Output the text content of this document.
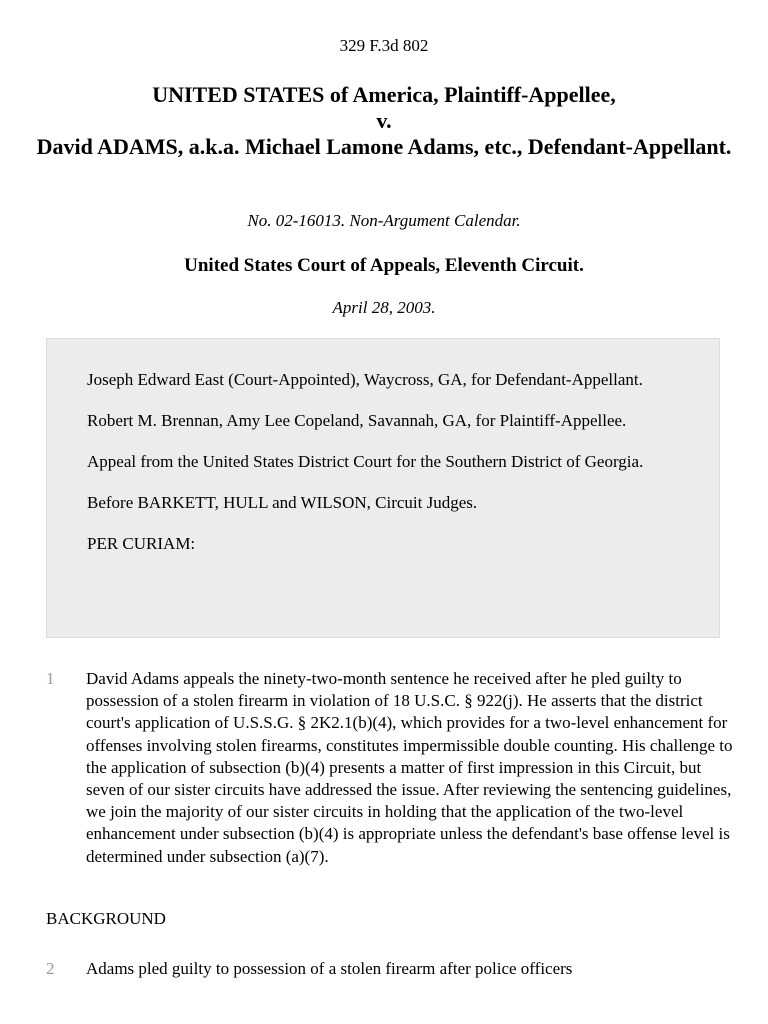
329 F.3d 802
UNITED STATES of America, Plaintiff-Appellee,
v.
David ADAMS, a.k.a. Michael Lamone Adams, etc., Defendant-Appellant.
No. 02-16013. Non-Argument Calendar.
United States Court of Appeals, Eleventh Circuit.
April 28, 2003.

Joseph Edward East (Court-Appointed), Waycross, GA, for Defendant-Appellant.

Robert M. Brennan, Amy Lee Copeland, Savannah, GA, for Plaintiff-Appellee.

Appeal from the United States District Court for the Southern District of Georgia.

Before BARKETT, HULL and WILSON, Circuit Judges.

PER CURIAM:

1	David Adams appeals the ninety-two-month sentence he received after he pled guilty to possession of a stolen firearm in violation of 18 U.S.C. § 922(j). He asserts that the district court's application of U.S.S.G. § 2K2.1(b)(4), which provides for a two-level enhancement for offenses involving stolen firearms, constitutes impermissible double counting. His challenge to the application of subsection (b)(4) presents a matter of first impression in this Circuit, but seven of our sister circuits have addressed the issue. After reviewing the sentencing guidelines, we join the majority of our sister circuits in holding that the application of the two-level enhancement under subsection (b)(4) is appropriate unless the defendant's base offense level is determined under subsection (a)(7).
BACKGROUND
2	Adams pled guilty to possession of a stolen firearm after police officers
